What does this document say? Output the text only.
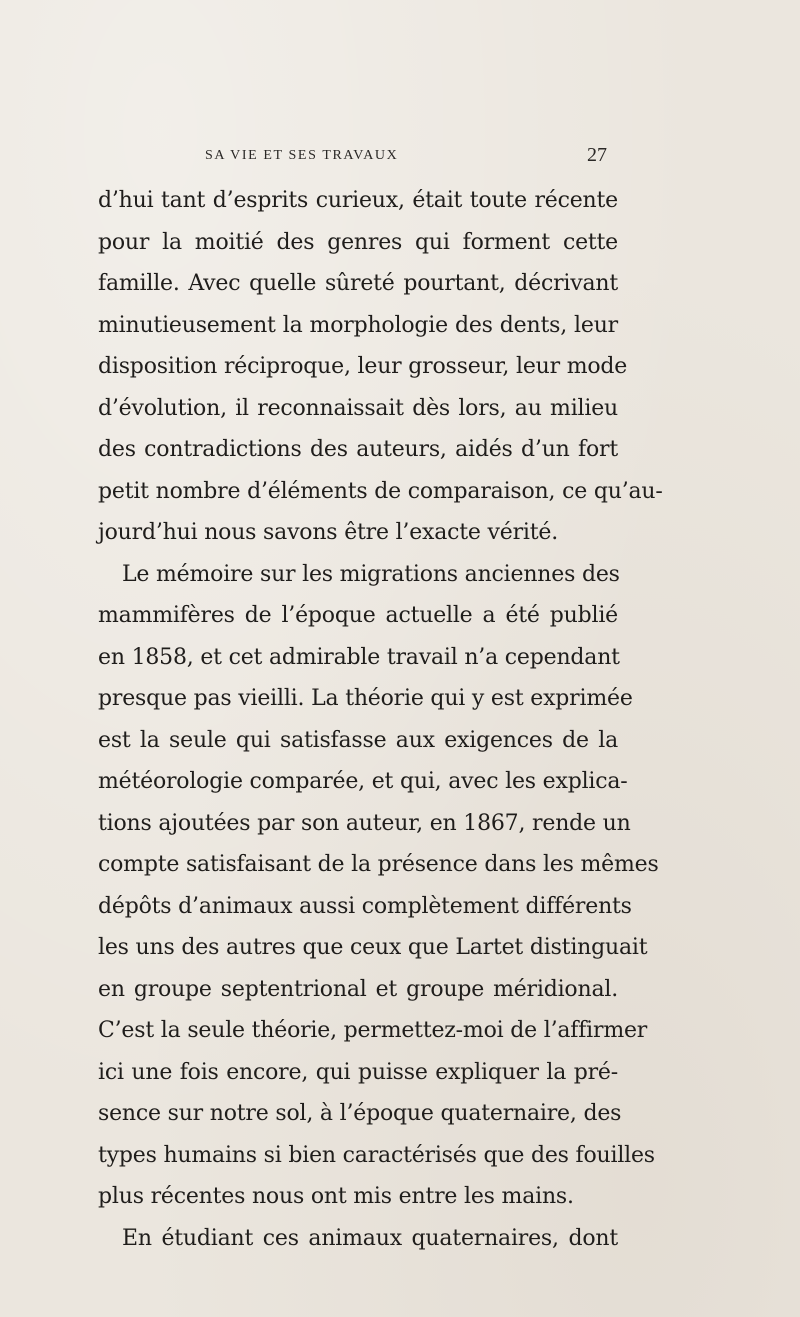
SA VIE ET SES TRAVAUX	27
d’hui tant d’esprits curieux, était toute récente
pour la moitié des genres qui forment cette
famille. Avec quelle sûreté pourtant, décrivant
minutieusement la morphologie des dents, leur
disposition réciproque, leur grosseur, leur mode
d’évolution, il reconnaissait dès lors, au milieu
des contradictions des auteurs, aidés d’un fort
petit nombre d’éléments de comparaison, ce qu’au-
jourd’hui nous savons être l’exacte vérité.
Le mémoire sur les migrations anciennes des
mammifères de l’époque actuelle a été publié
en 1858, et cet admirable travail n’a cependant
presque pas vieilli. La théorie qui y est exprimée
est la seule qui satisfasse aux exigences de la
météorologie comparée, et qui, avec les explica-
tions ajoutées par son auteur, en 1867, rende un
compte satisfaisant de la présence dans les mêmes
dépôts d’animaux aussi complètement différents
les uns des autres que ceux que Lartet distinguait
en groupe septentrional et groupe méridional.
C’est la seule théorie, permettez-moi de l’affirmer
ici une fois encore, qui puisse expliquer la pré-
sence sur notre sol, à l’époque quaternaire, des
types humains si bien caractérisés que des fouilles
plus récentes nous ont mis entre les mains.
En étudiant ces animaux quaternaires, dont
